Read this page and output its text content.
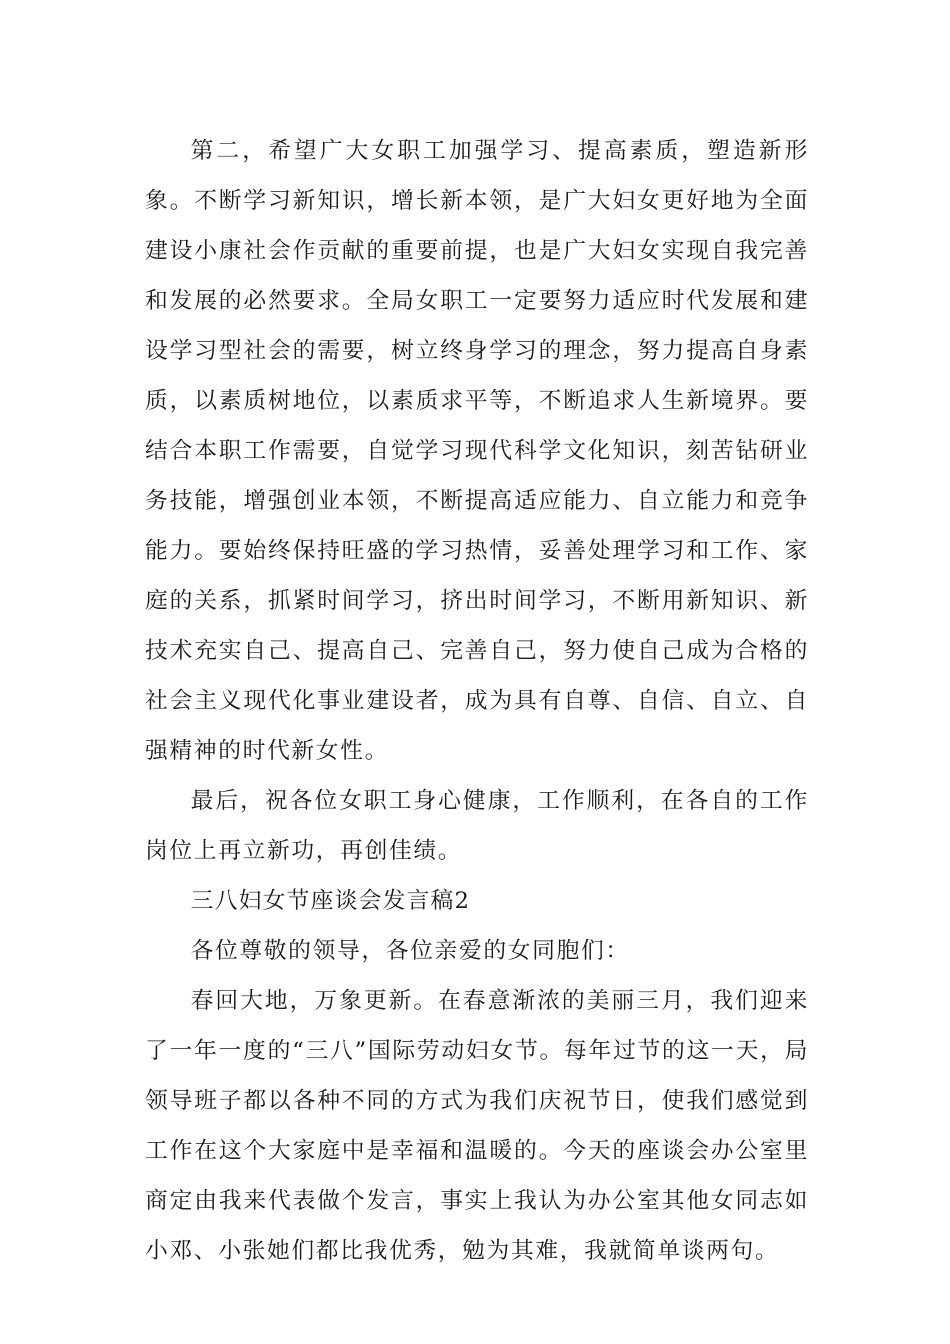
第二，希望广大女职工加强学习、提高素质，塑造新形象。不断学习新知识，增长新本领，是广大妇女更好地为全面建设小康社会作贡献的重要前提，也是广大妇女实现自我完善和发展的必然要求。全局女职工一定要努力适应时代发展和建设学习型社会的需要，树立终身学习的理念，努力提高自身素质，以素质树地位，以素质求平等，不断追求人生新境界。要结合本职工作需要，自觉学习现代科学文化知识，刻苦钻研业务技能，增强创业本领，不断提高适应能力、自立能力和竞争能力。要始终保持旺盛的学习热情，妥善处理学习和工作、家庭的关系，抓紧时间学习，挤出时间学习，不断用新知识、新技术充实自己、提高自己、完善自己，努力使自己成为合格的社会主义现代化事业建设者，成为具有自尊、自信、自立、自强精神的时代新女性。

最后，祝各位女职工身心健康，工作顺利，在各自的工作岗位上再立新功，再创佳绩。

三八妇女节座谈会发言稿2

各位尊敬的领导，各位亲爱的女同胞们：

春回大地，万象更新。在春意渐浓的美丽三月，我们迎来了一年一度的“三八”国际劳动妇女节。每年过节的这一天，局领导班子都以各种不同的方式为我们庆祝节日，使我们感觉到工作在这个大家庭中是幸福和温暖的。今天的座谈会办公室里商定由我来代表做个发言，事实上我认为办公室其他女同志如小邓、小张她们都比我优秀，勉为其难，我就简单谈两句。
